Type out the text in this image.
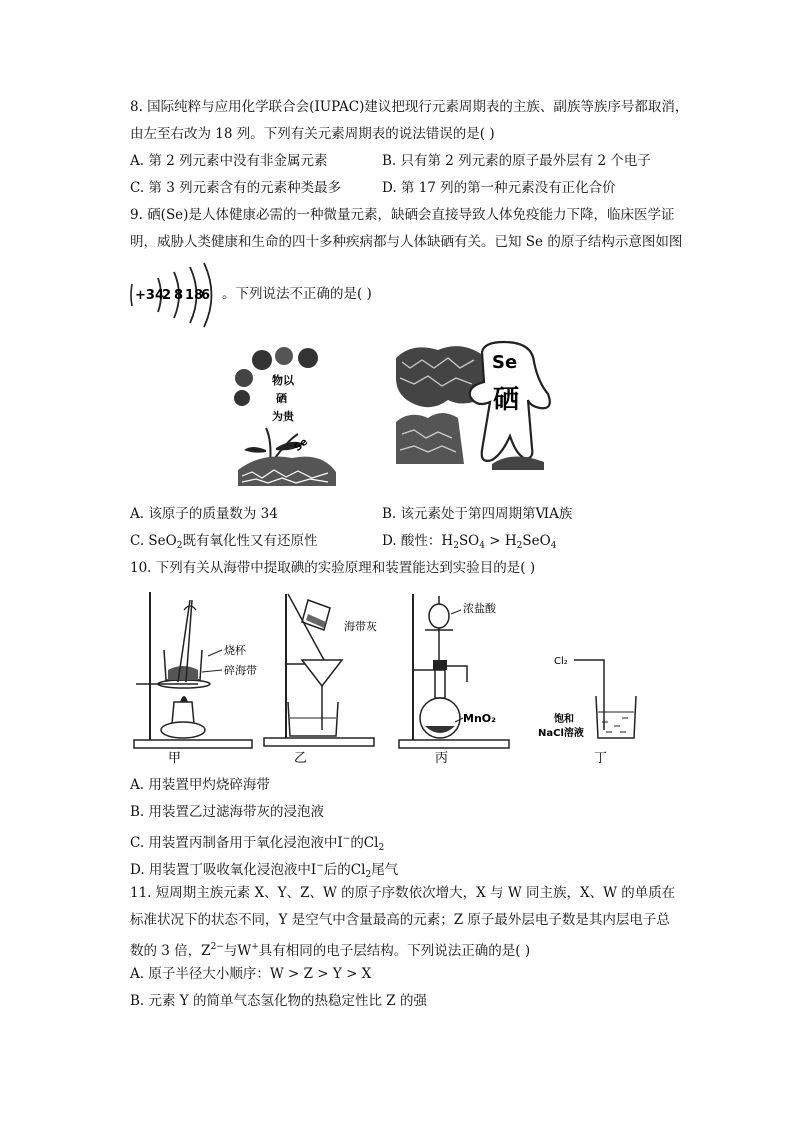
8. 国际纯粹与应用化学联合会(IUPAC)建议把现行元素周期表的主族、副族等族序号都取消，
由左至右改为 18 列。下列有关元素周期表的说法错误的是( )
A. 第 2 列元素中没有非金属元素	B. 只有第 2 列元素的原子最外层有 2 个电子
C. 第 3 列元素含有的元素种类最多	D. 第 17 列的第一种元素没有正化合价
9. 硒(Se)是人体健康必需的一种微量元素，缺硒会直接导致人体免疫能力下降，临床医学证
明，威胁人类健康和生命的四十多种疾病都与人体缺硒有关。已知 Se 的原子结构示意图如图
+34
2 8 18
6 。下列说法不正确的是( )
物以
硒
为贵
Se
Se
硒
A. 该原子的质量数为 34	B. 该元素处于第四周期第ⅥA族
C. SeO$_2$既有氧化性又有还原性	D. 酸性：$H_2SO_4 > H_2SeO_4$
10. 下列有关从海带中提取碘的实验原理和装置能达到实验目的是( )
烧杯
碎海带
甲
海带灰
乙
浓盐酸
MnO₂
丙
Cl₂
饱和
NaCl溶液
丁
A. 用装置甲灼烧碎海带
B. 用装置乙过滤海带灰的浸泡液
C. 用装置丙制备用于氧化浸泡液中I−的$Cl_2$
D. 用装置丁吸收氧化浸泡液中I−后的$Cl_2$尾气
11. 短周期主族元素 X、Y、Z、W 的原子序数依次增大，X 与 W 同主族，X、W 的单质在
标准状况下的状态不同，Y 是空气中含量最高的元素；Z 原子最外层电子数是其内层电子总
数的 3 倍，$Z^{2-}$与W+具有相同的电子层结构。下列说法正确的是( )
A. 原子半径大小顺序：W > Z > Y > X
B. 元素 Y 的简单气态氢化物的热稳定性比 Z 的强
